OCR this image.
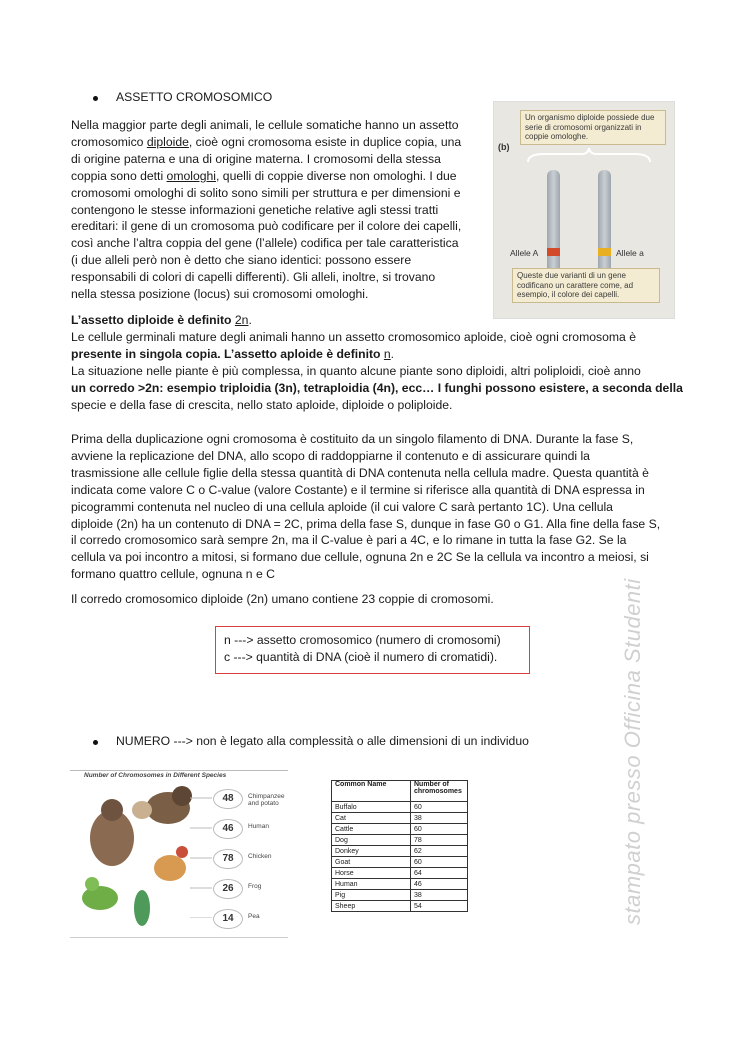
ASSETTO CROMOSOMICO

Nella maggior parte degli animali, le cellule somatiche hanno un assetto

cromosomico diploide, cioè ogni cromosoma esiste in duplice copia, una

di origine paterna e una di origine materna. I cromosomi della stessa

coppia sono detti omologhi, quelli di coppie diverse non omologhi. I due

cromosomi omologhi di solito sono simili per struttura e per dimensioni e

contengono le stesse informazioni genetiche relative agli stessi tratti

ereditari: il gene di un cromosoma può codificare per il colore dei capelli,

così anche l’altra coppia del gene (l’allele) codifica per tale caratteristica

(i due alleli però non è detto che siano identici: possono essere

responsabili di colori di capelli differenti). Gli alleli, inoltre, si trovano

nella stessa posizione (locus) sui cromosomi omologhi.

(b)
Un organismo diploide possiede due serie di cromosomi organizzati in coppie omologhe.
Allele A	Allele a
Queste due varianti di un gene codificano un carattere come, ad esempio, il colore dei capelli.
L’assetto diploide è definito 2n.
Le cellule germinali mature degli animali hanno un assetto cromosomico aploide, cioè ogni cromosoma è
presente in singola copia. L’assetto aploide è definito n.
La situazione nelle piante è più complessa, in quanto alcune piante sono diploidi, altri poliploidi, cioè anno
un corredo >2n: esempio triploidia (3n), tetraploidia (4n), ecc… I funghi possono esistere, a seconda della
specie e della fase di crescita, nello stato aploide, diploide o poliploide.

Prima della duplicazione ogni cromosoma è costituito da un singolo filamento di DNA. Durante la fase S,

avviene la replicazione del DNA, allo scopo di raddoppiarne il contenuto e di assicurare quindi la

trasmissione alle cellule figlie della stessa quantità di DNA contenuta nella cellula madre. Questa quantità è

indicata come valore C o C-value (valore Costante) e il termine si riferisce alla quantità di DNA espressa in

picogrammi contenuta nel nucleo di una cellula aploide (il cui valore C sarà pertanto 1C). Una cellula

diploide (2n) ha un contenuto di DNA = 2C, prima della fase S, dunque in fase G0 o G1. Alla fine della fase S,

il corredo cromosomico sarà sempre 2n, ma il C-value è pari a 4C, e lo rimane in tutta la fase G2. Se la

cellula va poi incontro a mitosi, si formano due cellule, ognuna 2n e 2C Se la cellula va incontro a meiosi, si

formano quattro cellule, ognuna n e C

Il corredo cromosomico diploide (2n) umano contiene 23 coppie di cromosomi.
n ---> assetto cromosomico (numero di cromosomi)
c ---> quantità di DNA (cioè il numero di cromatidi).
NUMERO ---> non è legato alla complessità o alle dimensioni di un individuo
Number of Chromosomes in Different Species
48	Chimpanzee and potato
46	Human
78	Chicken
26	Frog
14	Pea
Common Name	Number of chromosomes
Buffalo	60
Cat	38
Cattle	60
Dog	78
Donkey	62
Goat	60
Horse	64
Human	46
Pig	38
Sheep	54	stampato presso Officina Studenti
